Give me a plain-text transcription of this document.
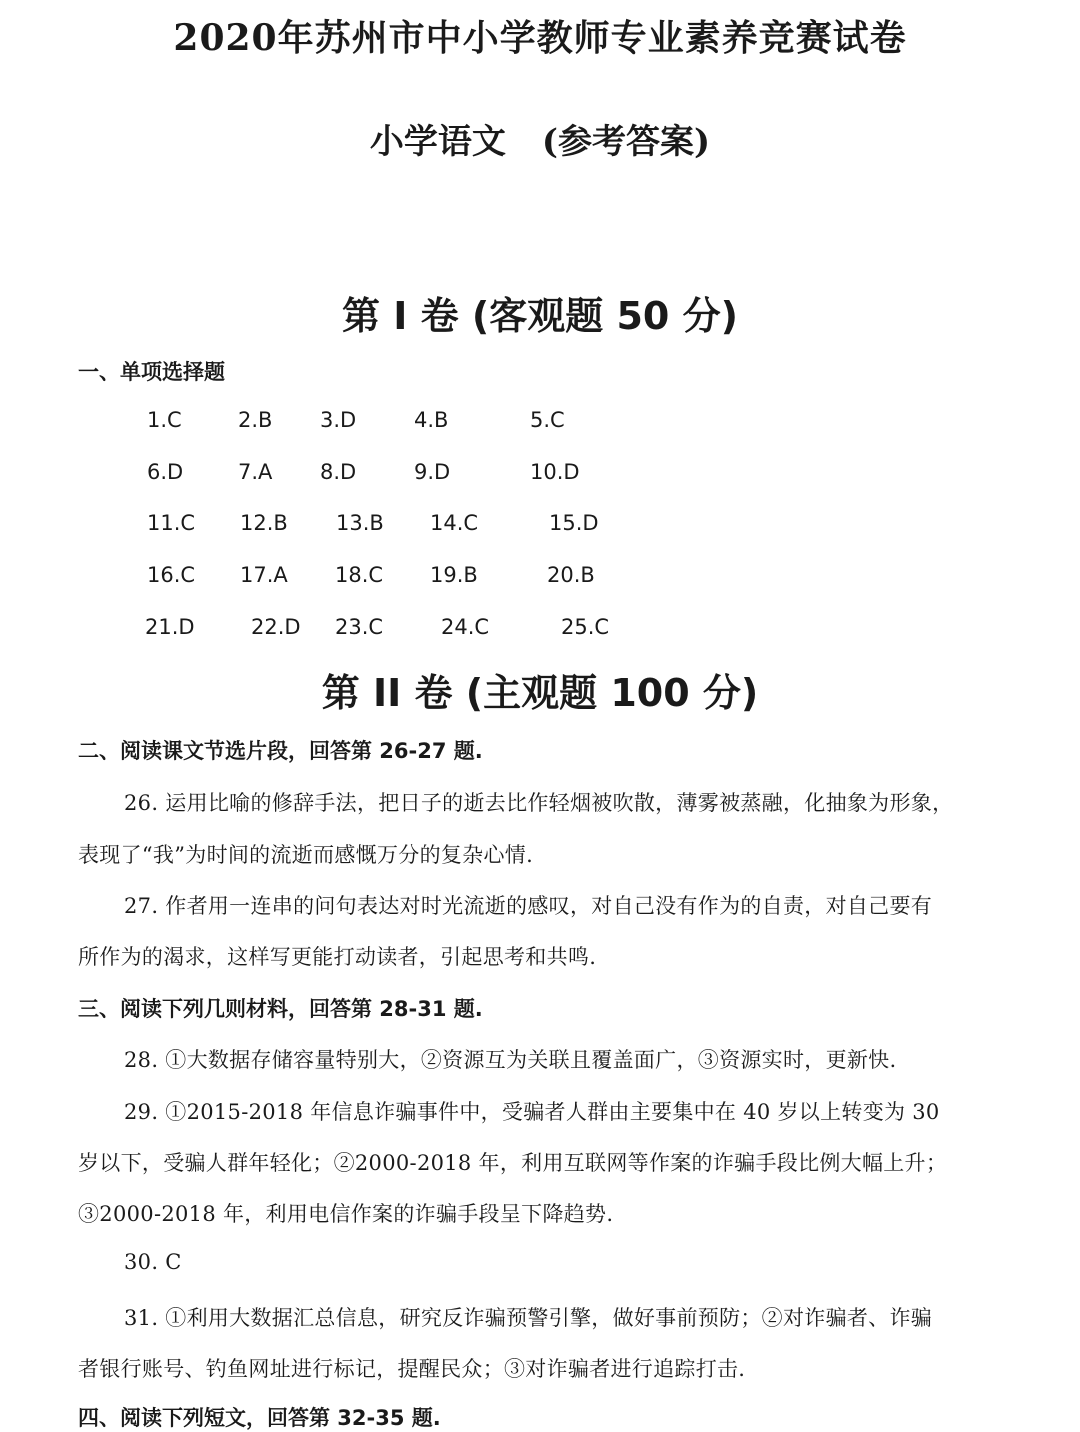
2020年苏州市中小学教师专业素养竞赛试卷
小学语文 (参考答案)
第 I 卷 (客观题 50 分)
一、单项选择题
1.C	2.B 3.D	4.B	5.C
6.D	7.A 8.D	9.D	10.D
11.C 12.B 13.B 14.C	15.D
16.C 17.A 18.C 19.B	20.B
21.D	22.D 23.C	24.C	25.C
第 II 卷 (主观题 100 分)
二、阅读课文节选片段，回答第 26-27 题.
26. 运用比喻的修辞手法，把日子的逝去比作轻烟被吹散，薄雾被蒸融，化抽象为形象，
表现了“我”为时间的流逝而感慨万分的复杂心情.
27. 作者用一连串的问句表达对时光流逝的感叹，对自己没有作为的自责，对自己要有
所作为的渴求，这样写更能打动读者，引起思考和共鸣.
三、阅读下列几则材料，回答第 28-31 题.
28. ①大数据存储容量特别大，②资源互为关联且覆盖面广，③资源实时，更新快.
29. ①2015-2018 年信息诈骗事件中，受骗者人群由主要集中在 40 岁以上转变为 30
岁以下，受骗人群年轻化；②2000-2018 年，利用互联网等作案的诈骗手段比例大幅上升；
③2000-2018 年，利用电信作案的诈骗手段呈下降趋势.
30. C
31. ①利用大数据汇总信息，研究反诈骗预警引擎，做好事前预防；②对诈骗者、诈骗
者银行账号、钓鱼网址进行标记，提醒民众；③对诈骗者进行追踪打击.
四、阅读下列短文，回答第 32-35 题.
